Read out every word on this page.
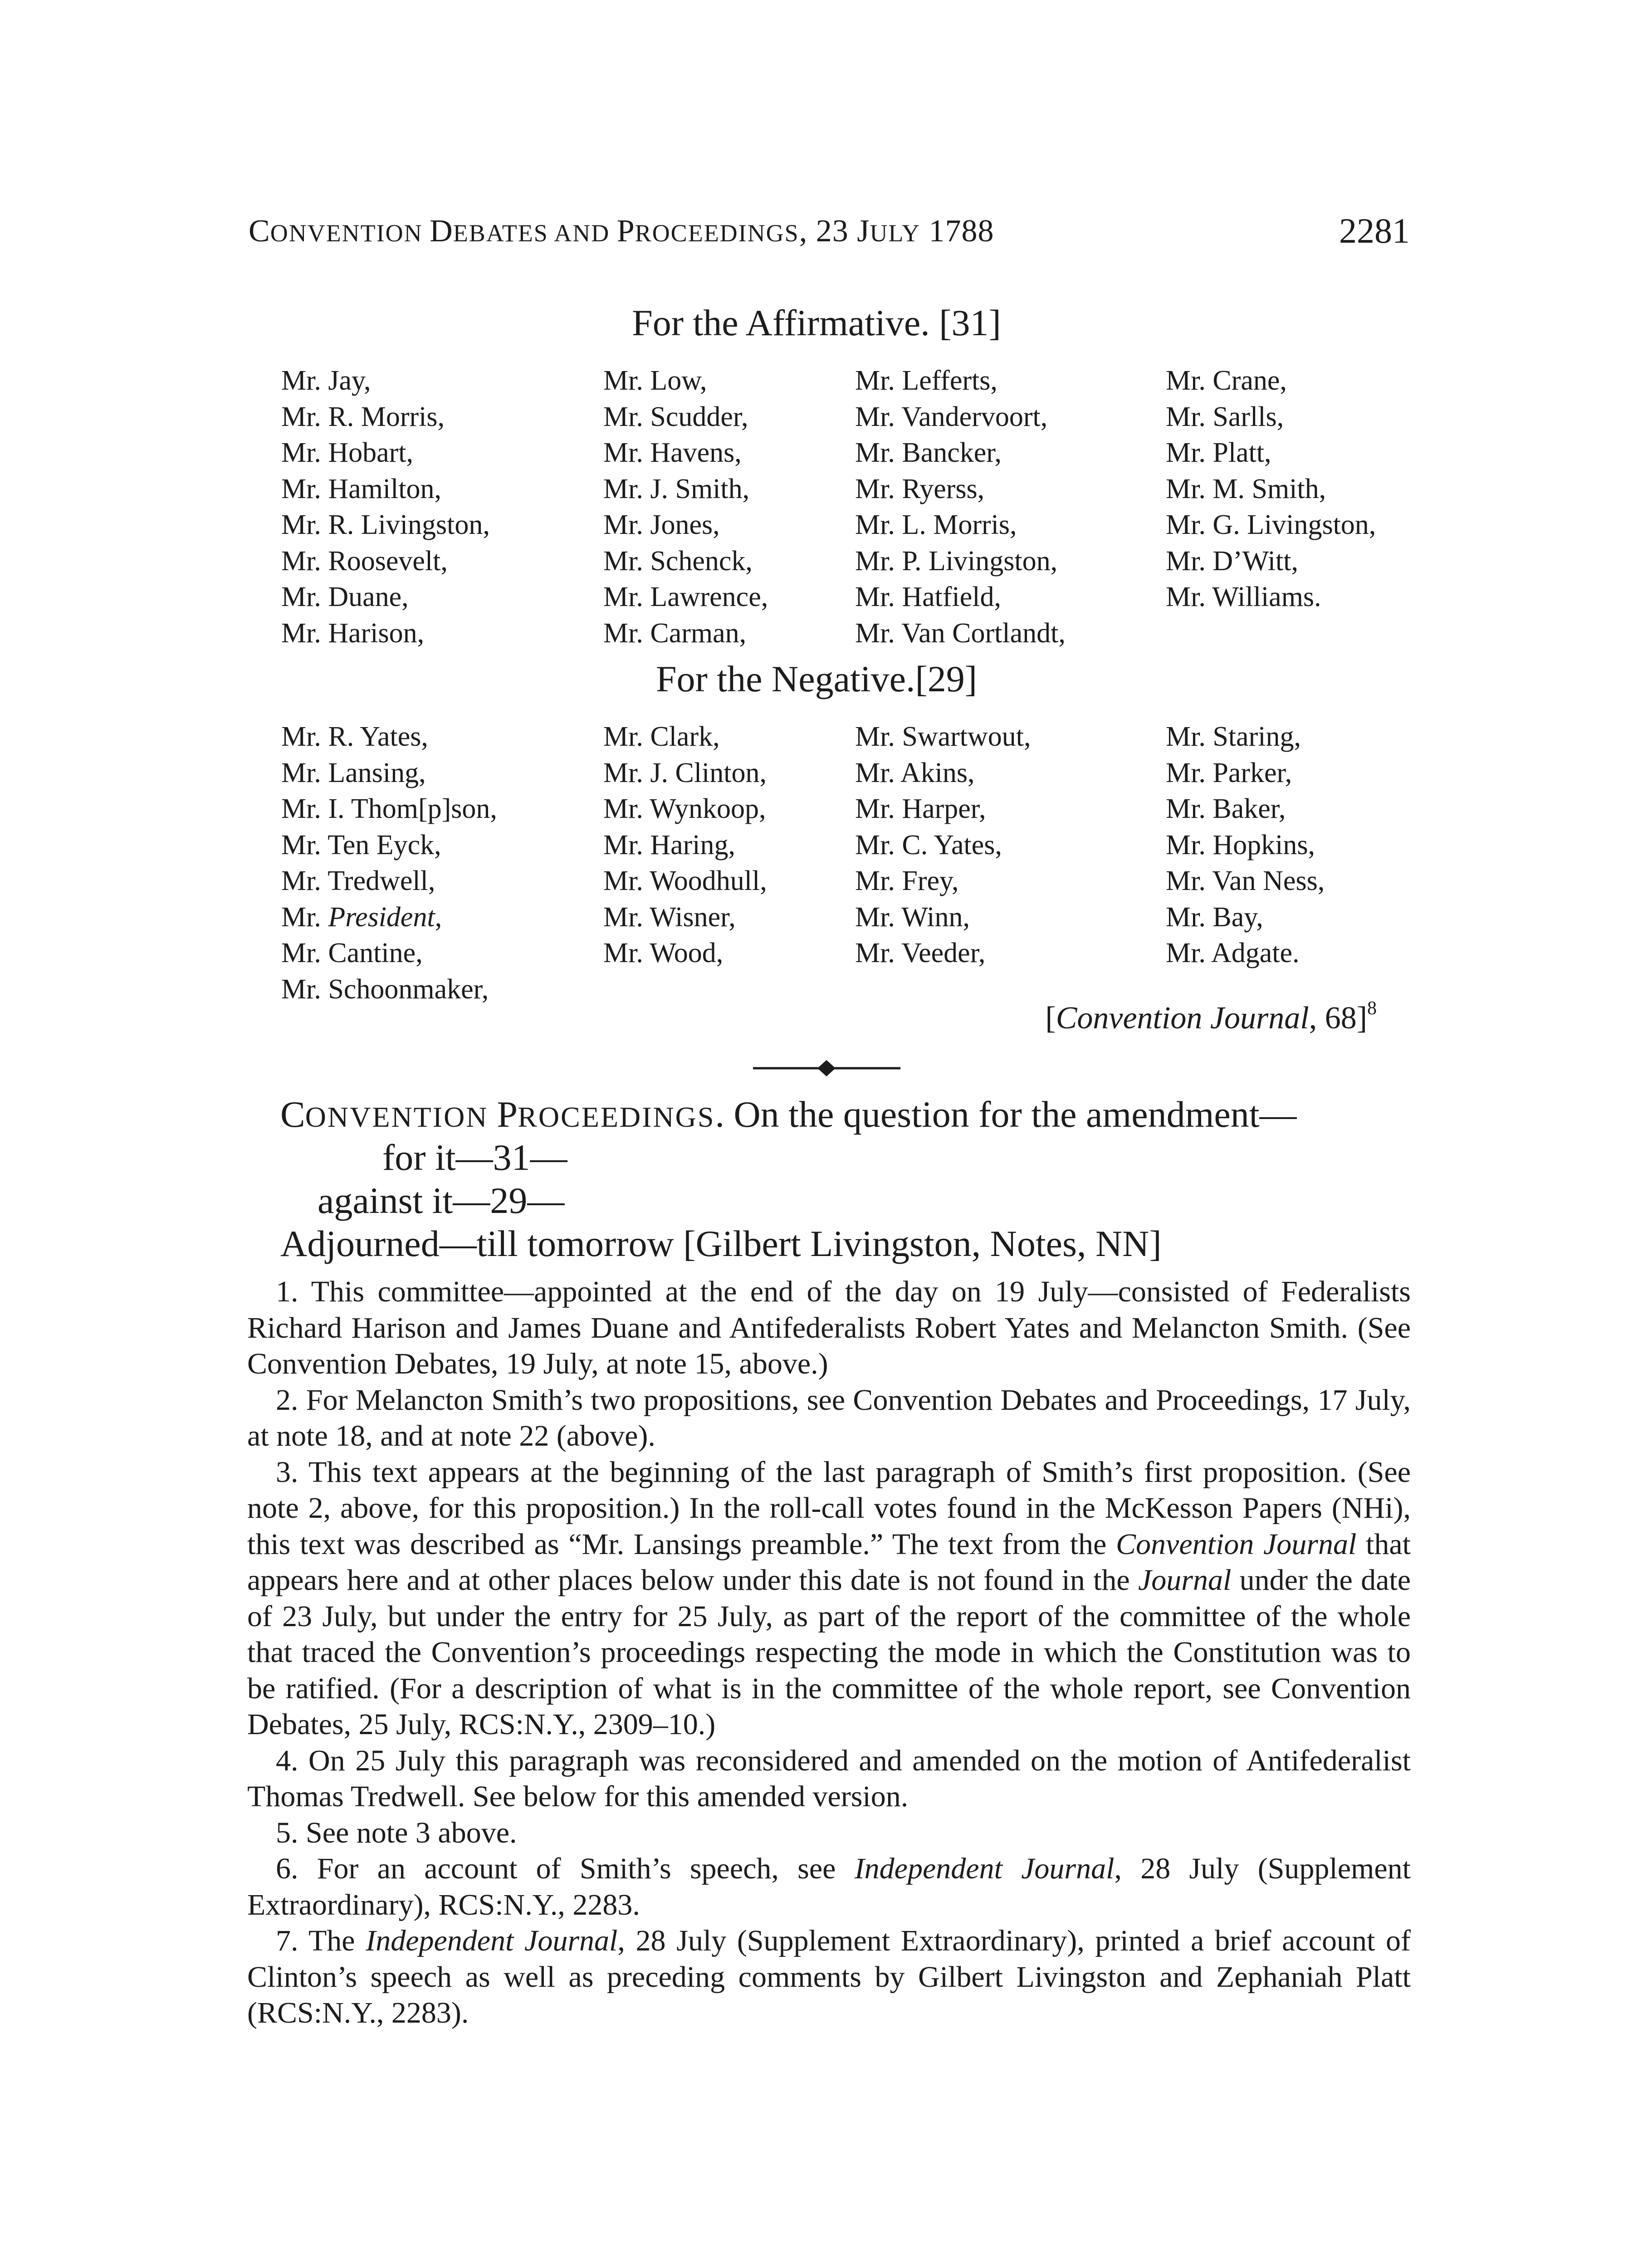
CONVENTION DEBATES AND PROCEEDINGS, 23 JULY 1788	2281
For the Affirmative. [31]
Mr. Jay,	Mr. Low,	Mr. Lefferts,	Mr. Crane,
Mr. R. Morris,	Mr. Scudder,	Mr. Vandervoort,	Mr. Sarlls,
Mr. Hobart,	Mr. Havens,	Mr. Bancker,	Mr. Platt,
Mr. Hamilton,	Mr. J. Smith,	Mr. Ryerss,	Mr. M. Smith,
Mr. R. Livingston,	Mr. Jones,	Mr. L. Morris,	Mr. G. Livingston,
Mr. Roosevelt,	Mr. Schenck,	Mr. P. Livingston,	Mr. D’Witt,
Mr. Duane,	Mr. Lawrence,	Mr. Hatfield,	Mr. Williams.
Mr. Harison,	Mr. Carman,	Mr. Van Cortlandt,
For the Negative.[29]
Mr. R. Yates,	Mr. Clark,	Mr. Swartwout,	Mr. Staring,
Mr. Lansing,	Mr. J. Clinton,	Mr. Akins,	Mr. Parker,
Mr. I. Thom[p]son,	Mr. Wynkoop,	Mr. Harper,	Mr. Baker,
Mr. Ten Eyck,	Mr. Haring,	Mr. C. Yates,	Mr. Hopkins,
Mr. Tredwell,	Mr. Woodhull,	Mr. Frey,	Mr. Van Ness,
Mr. President,	Mr. Wisner,	Mr. Winn,	Mr. Bay,
Mr. Cantine,	Mr. Wood,	Mr. Veeder,	Mr. Adgate.
Mr. Schoonmaker,
[Convention Journal, 68]$^8$
CONVENTION PROCEEDINGS. On the question for the amendment—
for it—31—
against it—29—
Adjourned—till tomorrow [Gilbert Livingston, Notes, NN]

1. This committee—appointed at the end of the day on 19 July—consisted of Federalists Richard Harison and James Duane and Antifederalists Robert Yates and Melancton Smith. (See Convention Debates, 19 July, at note 15, above.)

2. For Melancton Smith’s two propositions, see Convention Debates and Proceedings, 17 July, at note 18, and at note 22 (above).

3. This text appears at the beginning of the last paragraph of Smith’s first proposition. (See note 2, above, for this proposition.) In the roll-call votes found in the McKesson Papers (NHi), this text was described as “Mr. Lansings preamble.” The text from the Convention Journal that appears here and at other places below under this date is not found in the Journal under the date of 23 July, but under the entry for 25 July, as part of the report of the committee of the whole that traced the Convention’s proceedings respecting the mode in which the Constitution was to be ratified. (For a description of what is in the committee of the whole report, see Convention Debates, 25 July, RCS:N.Y., 2309–10.)

4. On 25 July this paragraph was reconsidered and amended on the motion of Antifederalist Thomas Tredwell. See below for this amended version.

5. See note 3 above.

6. For an account of Smith’s speech, see Independent Journal, 28 July (Supplement Extraordinary), RCS:N.Y., 2283.

7. The Independent Journal, 28 July (Supplement Extraordinary), printed a brief account of Clinton’s speech as well as preceding comments by Gilbert Livingston and Zephaniah Platt (RCS:N.Y., 2283).
